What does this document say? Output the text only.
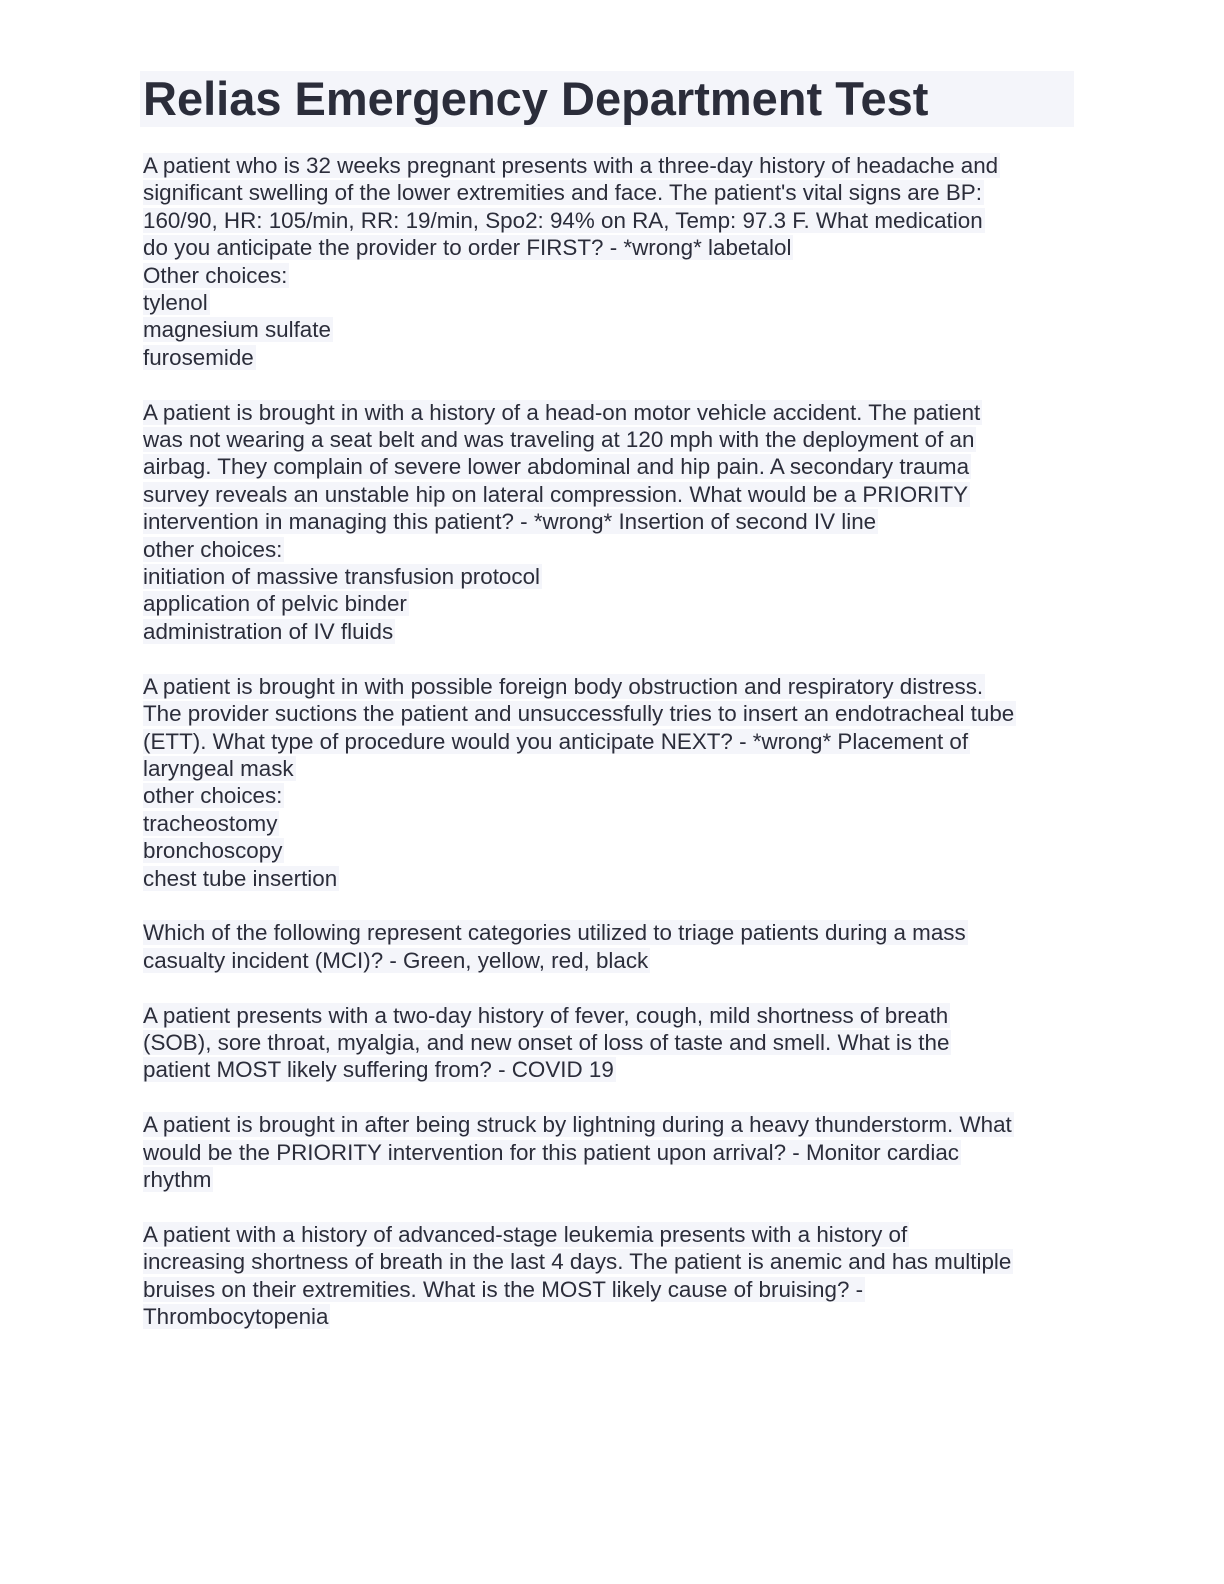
Relias Emergency Department Test
A patient who is 32 weeks pregnant presents with a three-day history of headache and
significant swelling of the lower extremities and face. The patient's vital signs are BP:
160/90, HR: 105/min, RR: 19/min, Spo2: 94% on RA, Temp: 97.3 F. What medication
do you anticipate the provider to order FIRST? - *wrong* labetalol
Other choices:
tylenol
magnesium sulfate
furosemide
A patient is brought in with a history of a head-on motor vehicle accident. The patient
was not wearing a seat belt and was traveling at 120 mph with the deployment of an
airbag. They complain of severe lower abdominal and hip pain. A secondary trauma
survey reveals an unstable hip on lateral compression. What would be a PRIORITY
intervention in managing this patient? - *wrong* Insertion of second IV line
other choices:
initiation of massive transfusion protocol
application of pelvic binder
administration of IV fluids
A patient is brought in with possible foreign body obstruction and respiratory distress.
The provider suctions the patient and unsuccessfully tries to insert an endotracheal tube
(ETT). What type of procedure would you anticipate NEXT? - *wrong* Placement of
laryngeal mask
other choices:
tracheostomy
bronchoscopy
chest tube insertion
Which of the following represent categories utilized to triage patients during a mass
casualty incident (MCI)? - Green, yellow, red, black
A patient presents with a two-day history of fever, cough, mild shortness of breath
(SOB), sore throat, myalgia, and new onset of loss of taste and smell. What is the
patient MOST likely suffering from? - COVID 19
A patient is brought in after being struck by lightning during a heavy thunderstorm. What
would be the PRIORITY intervention for this patient upon arrival? - Monitor cardiac
rhythm
A patient with a history of advanced-stage leukemia presents with a history of
increasing shortness of breath in the last 4 days. The patient is anemic and has multiple
bruises on their extremities. What is the MOST likely cause of bruising? -
Thrombocytopenia
